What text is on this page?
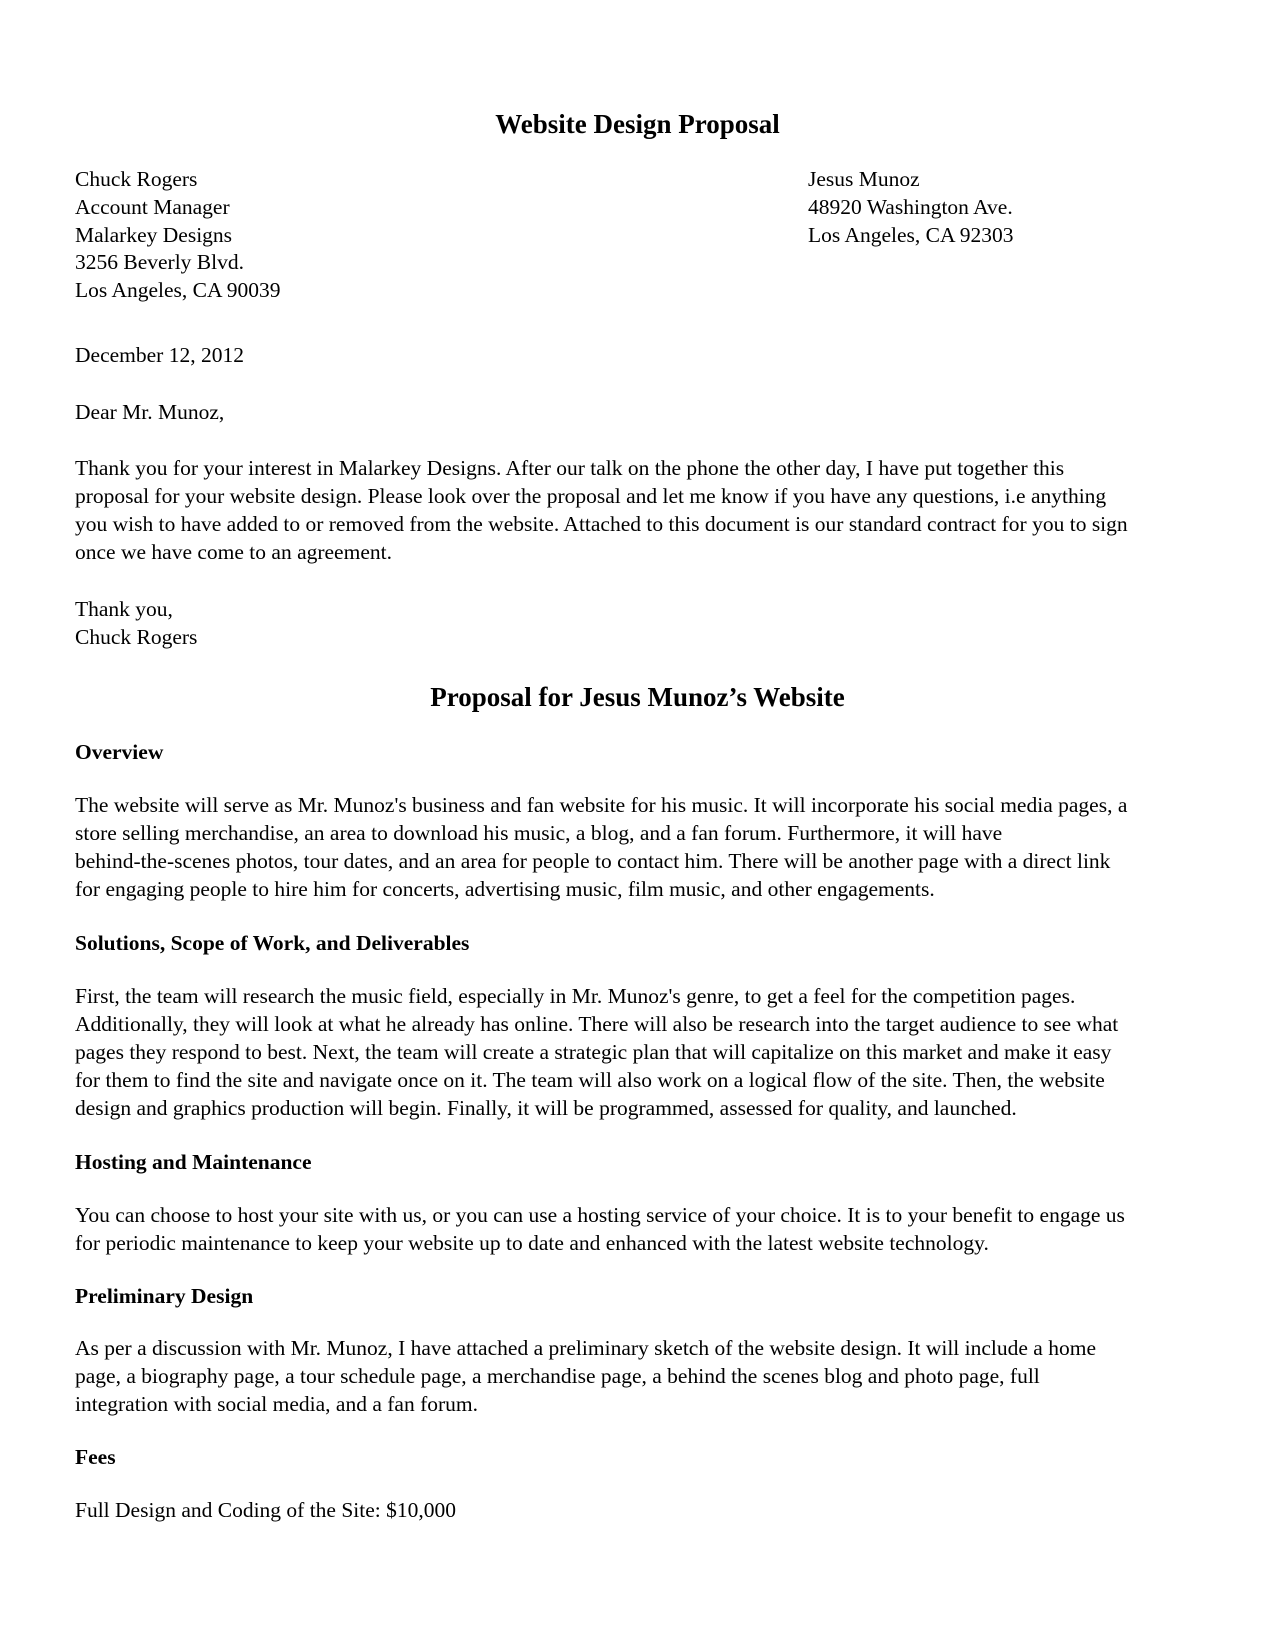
Website Design Proposal
Chuck Rogers
Account Manager
Malarkey Designs
3256 Beverly Blvd.
Los Angeles, CA 90039
Jesus Munoz
48920 Washington Ave.
Los Angeles, CA 92303
December 12, 2012
Dear Mr. Munoz,
Thank you for your interest in Malarkey Designs. After our talk on the phone the other day, I have put together this
proposal for your website design. Please look over the proposal and let me know if you have any questions, i.e anything
you wish to have added to or removed from the website. Attached to this document is our standard contract for you to sign
once we have come to an agreement.
Thank you,
Chuck Rogers
Proposal for Jesus Munoz’s Website
Overview
The website will serve as Mr. Munoz's business and fan website for his music. It will incorporate his social media pages, a
store selling merchandise, an area to download his music, a blog, and a fan forum. Furthermore, it will have
behind-the-scenes photos, tour dates, and an area for people to contact him. There will be another page with a direct link
for engaging people to hire him for concerts, advertising music, film music, and other engagements.
Solutions, Scope of Work, and Deliverables
First, the team will research the music field, especially in Mr. Munoz's genre, to get a feel for the competition pages.
Additionally, they will look at what he already has online. There will also be research into the target audience to see what
pages they respond to best. Next, the team will create a strategic plan that will capitalize on this market and make it easy
for them to find the site and navigate once on it. The team will also work on a logical flow of the site. Then, the website
design and graphics production will begin. Finally, it will be programmed, assessed for quality, and launched.
Hosting and Maintenance
You can choose to host your site with us, or you can use a hosting service of your choice. It is to your benefit to engage us
for periodic maintenance to keep your website up to date and enhanced with the latest website technology.
Preliminary Design
As per a discussion with Mr. Munoz, I have attached a preliminary sketch of the website design. It will include a home
page, a biography page, a tour schedule page, a merchandise page, a behind the scenes blog and photo page, full
integration with social media, and a fan forum.
Fees
Full Design and Coding of the Site: $10,000
